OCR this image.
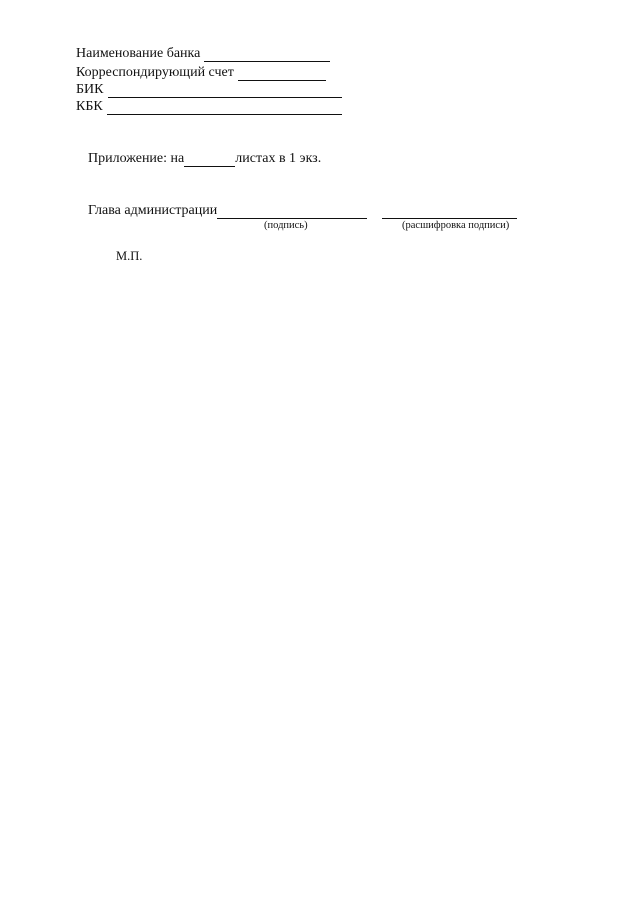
Наименование банка
Корреспондирующий счет
БИК
КБК
Приложение: на	листах в 1 экз.
Глава администрации
(подпись)	(расшифровка подписи)
М.П.
